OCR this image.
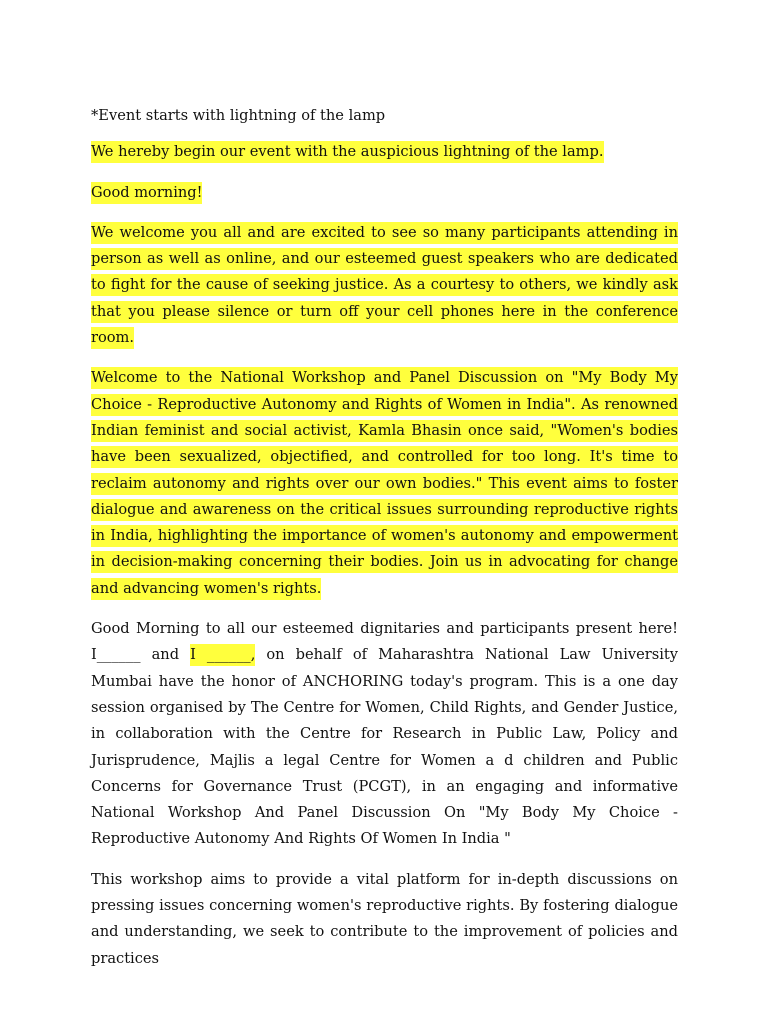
*Event starts with lightning of the lamp

We hereby begin our event with the auspicious lightning of the lamp.

Good morning!

We welcome you all and are excited to see so many participants attending in person as well as online, and our esteemed guest speakers who are dedicated to fight for the cause of seeking justice. As a courtesy to others, we kindly ask that you please silence or turn off your cell phones here in the conference room.

Welcome to the National Workshop and Panel Discussion on "My Body My Choice - Reproductive Autonomy and Rights of Women in India". As renowned Indian feminist and social activist, Kamla Bhasin once said, "Women's bodies have been sexualized, objectified, and controlled for too long. It's time to reclaim autonomy and rights over our own bodies." This event aims to foster dialogue and awareness on the critical issues surrounding reproductive rights in India, highlighting the importance of women's autonomy and empowerment in decision-making concerning their bodies. Join us in advocating for change and advancing women's rights.

Good Morning to all our esteemed dignitaries and participants present here! I______ and I ______, on behalf of Maharashtra National Law University Mumbai have the honor of ANCHORING today's program. This is a one day session organised by The Centre for Women, Child Rights, and Gender Justice, in collaboration with the Centre for Research in Public Law, Policy and Jurisprudence, Majlis a legal Centre for Women a d children and Public Concerns for Governance Trust (PCGT), in an engaging and informative National Workshop And Panel Discussion On "My Body My Choice - Reproductive Autonomy And Rights Of Women In India "

This workshop aims to provide a vital platform for in-depth discussions on pressing issues concerning women's reproductive rights. By fostering dialogue and understanding, we seek to contribute to the improvement of policies and practices
